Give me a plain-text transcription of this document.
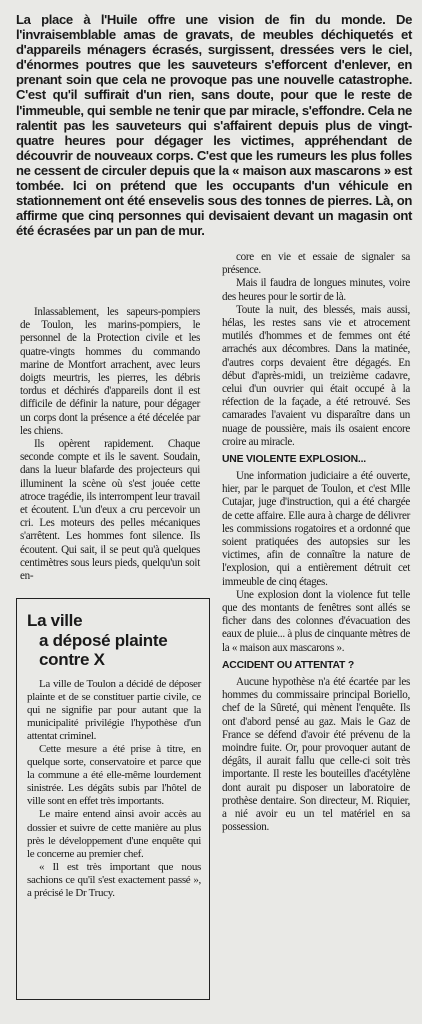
La place à l'Huile offre une vision de fin du monde. De l'invraisemblable amas de gravats, de meubles déchiquetés et d'appareils ménagers écrasés, surgissent, dressées vers le ciel, d'énormes poutres que les sauveteurs s'efforcent d'enlever, en prenant soin que cela ne provoque pas une nouvelle catastrophe. C'est qu'il suffirait d'un rien, sans doute, pour que le reste de l'immeuble, qui semble ne tenir que par miracle, s'effondre. Cela ne ralentit pas les sauveteurs qui s'affairent depuis plus de vingt-quatre heures pour dégager les victimes, appréhendant de découvrir de nouveaux corps. C'est que les rumeurs les plus folles ne cessent de circuler depuis que la « maison aux mascarons » est tombée. Ici on prétend que les occupants d'un véhicule en stationnement ont été ensevelis sous des tonnes de pierres. Là, on affirme que cinq personnes qui devisaient devant un magasin ont été écrasées par un pan de mur.

Inlassablement, les sapeurs-pompiers de Toulon, les marins-pompiers, le personnel de la Protection civile et les quatre-vingts hommes du commando marine de Montfort arrachent, avec leurs doigts meurtris, les pierres, les débris tordus et déchirés d'appareils dont il est difficile de définir la nature, pour dégager un corps dont la présence a été décelée par les chiens.

Ils opèrent rapidement. Chaque seconde compte et ils le savent. Soudain, dans la lueur blafarde des projecteurs qui illuminent la scène où s'est jouée cette atroce tragédie, ils interrompent leur travail et écoutent. L'un d'eux a cru percevoir un cri. Les moteurs des pelles mécaniques s'arrêtent. Les hommes font silence. Ils écoutent. Qui sait, il se peut qu'à quelques centimètres sous leurs pieds, quelqu'un soit en-

La ville
a déposé plainte
contre X

La ville de Toulon a décidé de déposer plainte et de se constituer partie civile, ce qui ne signifie par pour autant que la municipalité privilégie l'hypothèse d'un attentat criminel.

Cette mesure a été prise à titre, en quelque sorte, conservatoire et parce que la commune a été elle-même lourdement sinistrée. Les dégâts subis par l'hôtel de ville sont en effet très importants.

Le maire entend ainsi avoir accès au dossier et suivre de cette manière au plus près le développement d'une enquête qui le concerne au premier chef.

« Il est très important que nous sachions ce qu'il s'est exactement passé », a précisé le Dr Trucy.

core en vie et essaie de signaler sa présence.

Mais il faudra de longues minutes, voire des heures pour le sortir de là.

Toute la nuit, des blessés, mais aussi, hélas, les restes sans vie et atrocement mutilés d'hommes et de femmes ont été arrachés aux décombres. Dans la matinée, d'autres corps devaient être dégagés. En début d'après-midi, un treizième cadavre, celui d'un ouvrier qui était occupé à la réfection de la façade, a été retrouvé. Ses camarades l'avaient vu disparaître dans un nuage de poussière, mais ils osaient encore croire au miracle.

UNE VIOLENTE EXPLOSION...

Une information judiciaire a été ouverte, hier, par le parquet de Toulon, et c'est Mlle Cutajar, juge d'instruction, qui a été chargée de cette affaire. Elle aura à charge de délivrer les commissions rogatoires et a ordonné que soient pratiquées des autopsies sur les victimes, afin de connaître la nature de l'explosion, qui a entièrement détruit cet immeuble de cinq étages.

Une explosion dont la violence fut telle que des montants de fenêtres sont allés se ficher dans des colonnes d'évacuation des eaux de pluie... à plus de cinquante mètres de la « maison aux mascarons ».

ACCIDENT OU ATTENTAT ?

Aucune hypothèse n'a été écartée par les hommes du commissaire principal Boriello, chef de la Sûreté, qui mènent l'enquête. Ils ont d'abord pensé au gaz. Mais le Gaz de France se défend d'avoir été prévenu de la moindre fuite. Or, pour provoquer autant de dégâts, il aurait fallu que celle-ci soit très importante. Il reste les bouteilles d'acétylène dont aurait pu disposer un laboratoire de prothèse dentaire. Son directeur, M. Riquier, a nié avoir eu un tel matériel en sa possession.
